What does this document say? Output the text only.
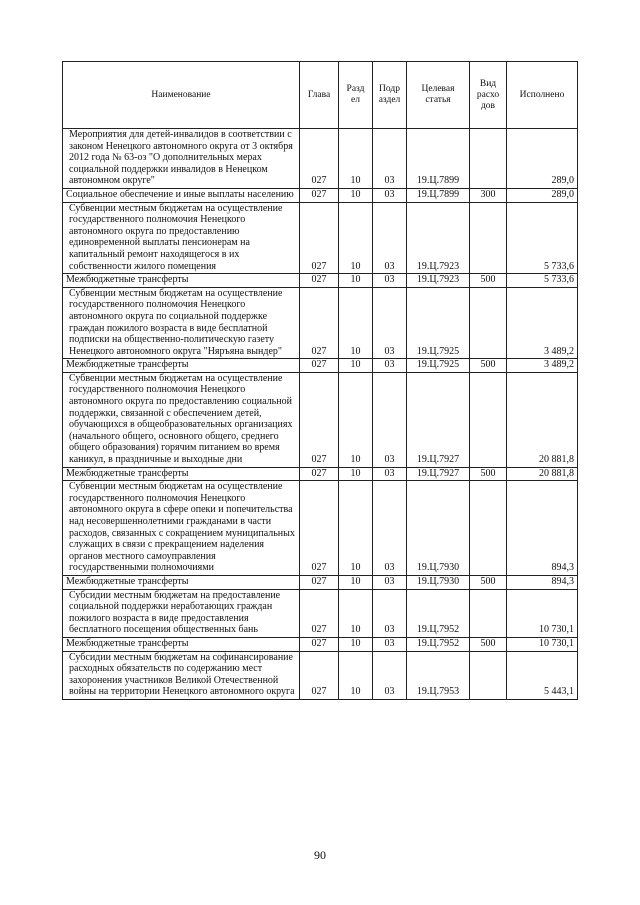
Наименование	Глава	Разд ел	Подр аздел	Целевая статья	Вид расхо дов	Исполнено
Мероприятия для детей-инвалидов в соответствии с законом Ненецкого автономного округа от 3 октября 2012 года № 63-оз "О дополнительных мерах социальной поддержки инвалидов в Ненецком автономном округе"	027	10	03	19.Ц.7899		289,0
Социальное обеспечение и иные выплаты населению	027	10	03	19.Ц.7899	300	289,0
Субвенции местным бюджетам на осуществление государственного полномочия Ненецкого автономного округа по предоставлению единовременной выплаты пенсионерам на капитальный ремонт находящегося в их собственности жилого помещения	027	10	03	19.Ц.7923		5 733,6
Межбюджетные трансферты	027	10	03	19.Ц.7923	500	5 733,6
Субвенции местным бюджетам на осуществление государственного полномочия Ненецкого автономного округа по социальной поддержке граждан пожилого возраста в виде бесплатной подписки на общественно-политическую газету Ненецкого автономного округа "Няръяна вындер"	027	10	03	19.Ц.7925		3 489,2
Межбюджетные трансферты	027	10	03	19.Ц.7925	500	3 489,2
Субвенции местным бюджетам на осуществление государственного полномочия Ненецкого автономного округа по предоставлению социальной поддержки, связанной с обеспечением детей, обучающихся в общеобразовательных организациях (начального общего, основного общего, среднего общего образования) горячим питанием во время каникул, в праздничные и выходные дни	027	10	03	19.Ц.7927		20 881,8
Межбюджетные трансферты	027	10	03	19.Ц.7927	500	20 881,8
Субвенции местным бюджетам на осуществление государственного полномочия Ненецкого автономного округа в сфере опеки и попечительства над несовершеннолетними гражданами в части расходов, связанных с сокращением муниципальных служащих в связи с прекращением наделения органов местного самоуправления государственными полномочиями	027	10	03	19.Ц.7930		894,3
Межбюджетные трансферты	027	10	03	19.Ц.7930	500	894,3
Субсидии местным бюджетам на предоставление социальной поддержки неработающих граждан пожилого возраста в виде предоставления бесплатного посещения общественных бань	027	10	03	19.Ц.7952		10 730,1
Межбюджетные трансферты	027	10	03	19.Ц.7952	500	10 730,1
Субсидии местным бюджетам на софинансирование расходных обязательств по содержанию мест захоронения участников Великой Отечественной войны на территории Ненецкого автономного округа	027	10	03	19.Ц.7953		5 443,1
90
